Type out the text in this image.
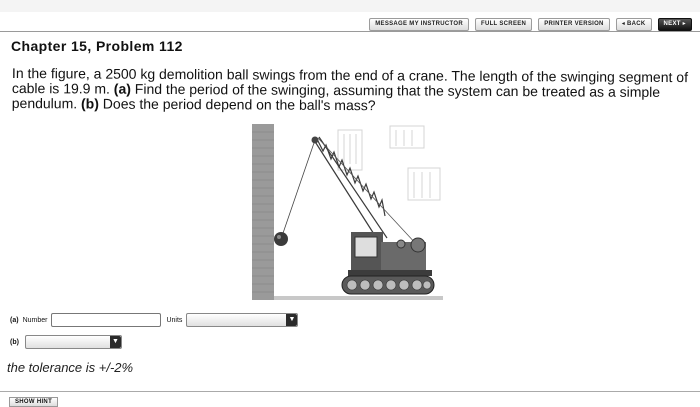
MESSAGE MY INSTRUCTOR	FULL SCREEN	PRINTER VERSION	◂ BACK	NEXT ▸
Chapter 15, Problem 112
In the figure, a 2500 kg demolition ball swings from the end of a crane. The length of the swinging segment of cable is 19.9 m. (a) Find the period of the swinging, assuming that the system can be treated as a simple pendulum. (b) Does the period depend on the ball's mass?
(a) Number	Units	▼
(b)	▼
the tolerance is +/-2%
SHOW HINT
